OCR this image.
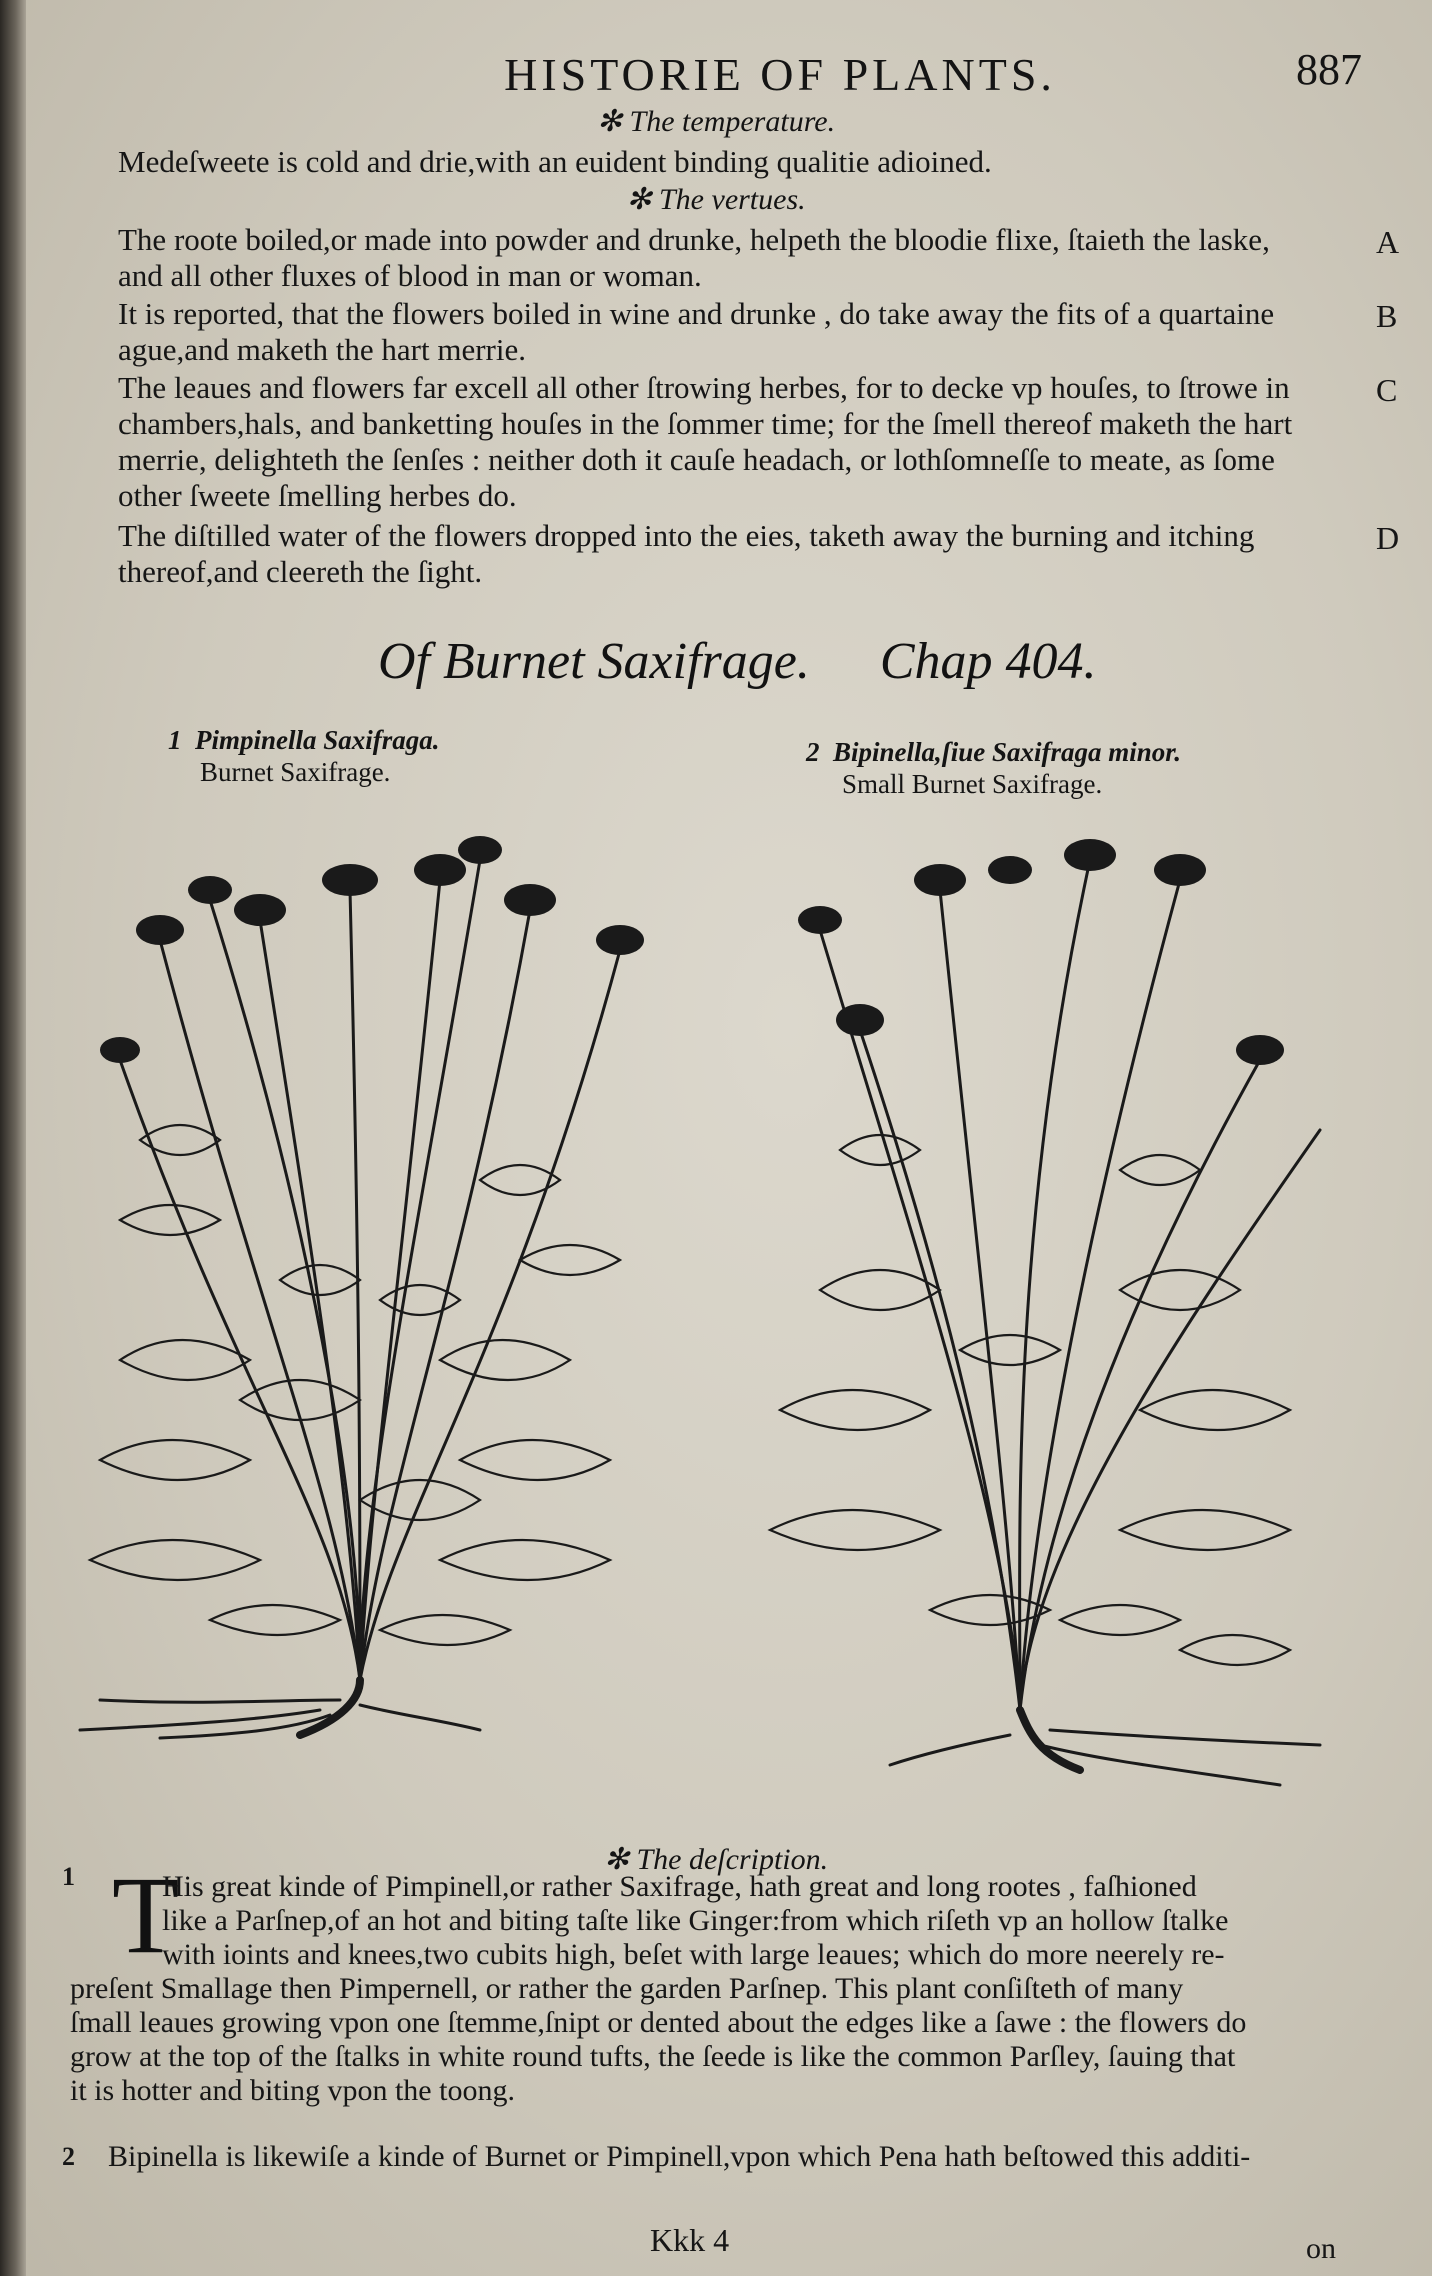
HISTORIE OF PLANTS.	887
✻ The temperature.
Medeſweete is cold and drie,with an euident binding qualitie adioined.
✻ The vertues.
The roote boiled,or made into powder and drunke, helpeth the bloodie flixe, ſtaieth the laske,
and all other fluxes of blood in man or woman.
A
It is reported, that the flowers boiled in wine and drunke , do take away the fits of a quartaine
ague,and maketh the hart merrie.
B
The leaues and flowers far excell all other ſtrowing herbes, for to decke vp houſes, to ſtrowe in
chambers,hals, and banketting houſes in the ſommer time; for the ſmell thereof maketh the hart
merrie, delighteth the ſenſes : neither doth it cauſe headach, or lothſomneſſe to meate, as ſome
other ſweete ſmelling herbes do.
C
The diſtilled water of the flowers dropped into the eies, taketh away the burning and itching
thereof,and cleereth the ſight.
D
Of Burnet Saxifrage. Chap 404.
1 Pimpinella Saxifraga.
Burnet Saxifrage.
2 Bipinella,ſiue Saxifraga minor.
Small Burnet Saxifrage.
✻ The deſcription.
1 T
His great kinde of Pimpinell,or rather Saxifrage, hath great and long rootes , faſhioned
like a Parſnep,of an hot and biting taſte like Ginger:from which riſeth vp an hollow ſtalke
with ioints and knees,two cubits high, beſet with large leaues; which do more neerely re-
preſent Smallage then Pimpernell, or rather the garden Parſnep. This plant conſiſteth of many
ſmall leaues growing vpon one ſtemme,ſnipt or dented about the edges like a ſawe : the flowers do
grow at the top of the ſtalks in white round tufts, the ſeede is like the common Parſley, ſauing that
it is hotter and biting vpon the toong.
2 Bipinella is likewiſe a kinde of Burnet or Pimpinell,vpon which Pena hath beſtowed this additi-
Kkk 4	on
